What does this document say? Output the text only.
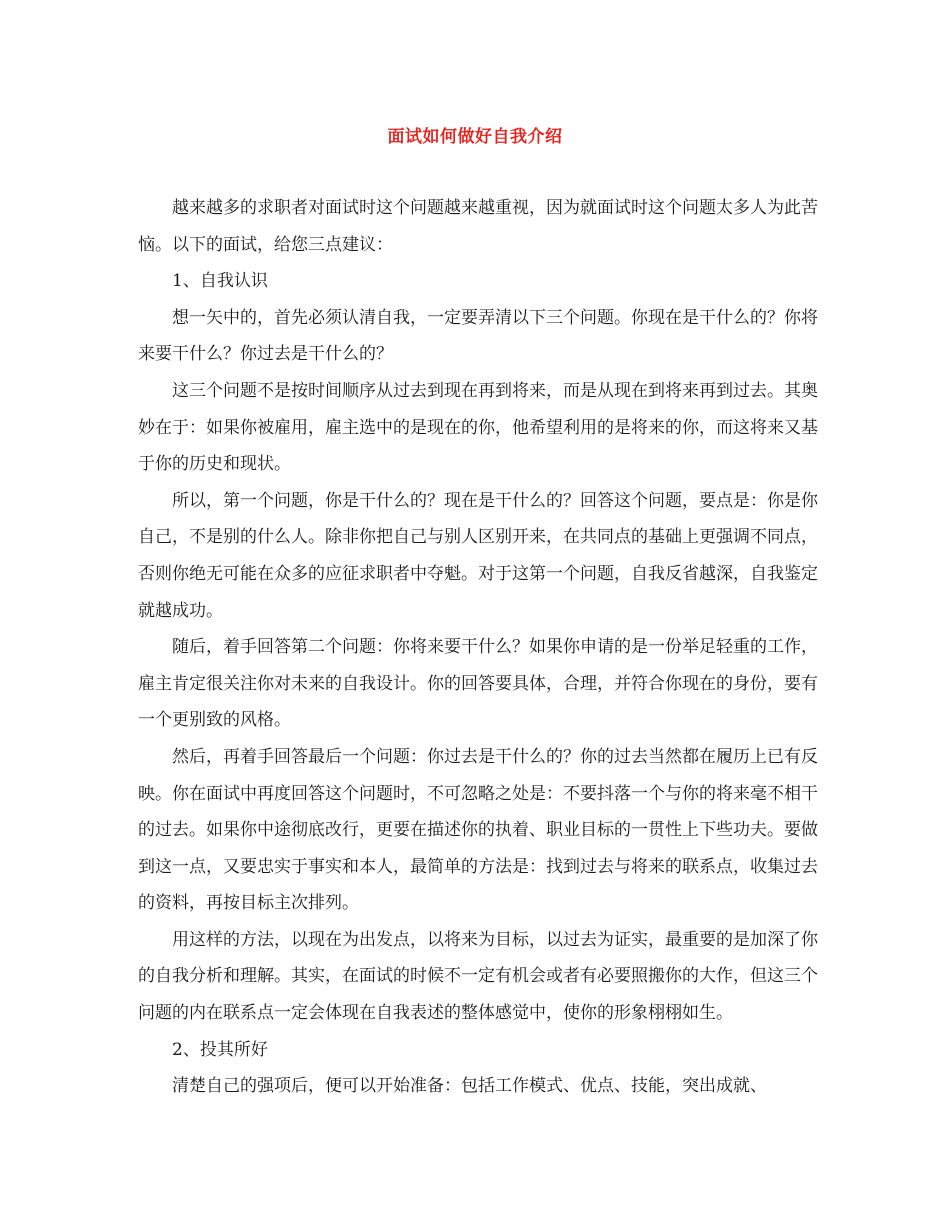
面试如何做好自我介绍

越来越多的求职者对面试时这个问题越来越重视，因为就面试时这个问题太多人为此苦恼。以下的面试，给您三点建议：

1、自我认识

想一矢中的，首先必须认清自我，一定要弄清以下三个问题。你现在是干什么的？你将来要干什么？你过去是干什么的？

这三个问题不是按时间顺序从过去到现在再到将来，而是从现在到将来再到过去。其奥妙在于：如果你被雇用，雇主选中的是现在的你，他希望利用的是将来的你，而这将来又基于你的历史和现状。

所以，第一个问题，你是干什么的？现在是干什么的？回答这个问题，要点是：你是你自己，不是别的什么人。除非你把自己与别人区别开来，在共同点的基础上更强调不同点，否则你绝无可能在众多的应征求职者中夺魁。对于这第一个问题，自我反省越深，自我鉴定就越成功。

随后，着手回答第二个问题：你将来要干什么？如果你申请的是一份举足轻重的工作，雇主肯定很关注你对未来的自我设计。你的回答要具体，合理，并符合你现在的身份，要有一个更别致的风格。

然后，再着手回答最后一个问题：你过去是干什么的？你的过去当然都在履历上已有反映。你在面试中再度回答这个问题时，不可忽略之处是：不要抖落一个与你的将来毫不相干的过去。如果你中途彻底改行，更要在描述你的执着、职业目标的一贯性上下些功夫。要做到这一点，又要忠实于事实和本人，最简单的方法是：找到过去与将来的联系点，收集过去的资料，再按目标主次排列。

用这样的方法，以现在为出发点，以将来为目标，以过去为证实，最重要的是加深了你的自我分析和理解。其实，在面试的时候不一定有机会或者有必要照搬你的大作，但这三个问题的内在联系点一定会体现在自我表述的整体感觉中，使你的形象栩栩如生。

2、投其所好

清楚自己的强项后，便可以开始准备：包括工作模式、优点、技能，突出成就、
